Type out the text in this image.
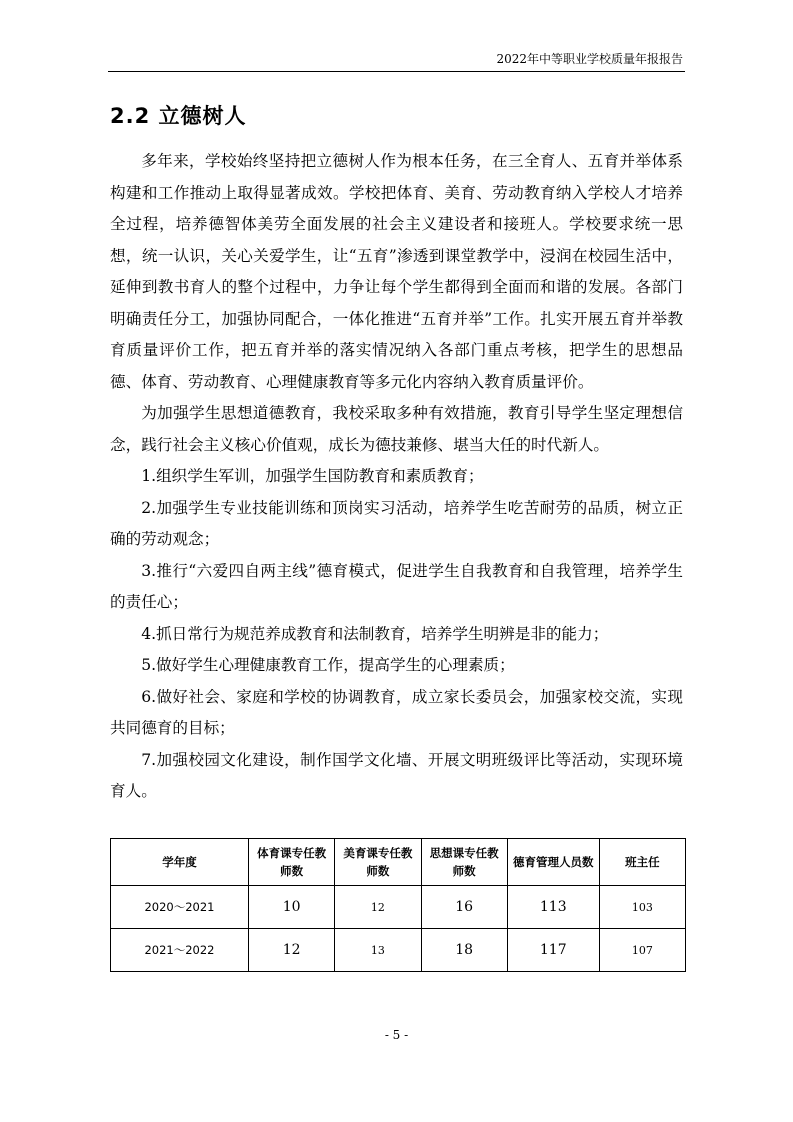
2022年中等职业学校质量年报报告
2.2 立德树人

多年来，学校始终坚持把立德树人作为根本任务，在三全育人、五育并举体系构建和工作推动上取得显著成效。学校把体育、美育、劳动教育纳入学校人才培养全过程，培养德智体美劳全面发展的社会主义建设者和接班人。学校要求统一思想，统一认识，关心关爱学生，让“五育”渗透到课堂教学中，浸润在校园生活中，延伸到教书育人的整个过程中，力争让每个学生都得到全面而和谐的发展。各部门明确责任分工，加强协同配合，一体化推进“五育并举”工作。扎实开展五育并举教育质量评价工作，把五育并举的落实情况纳入各部门重点考核，把学生的思想品德、体育、劳动教育、心理健康教育等多元化内容纳入教育质量评价。

为加强学生思想道德教育，我校采取多种有效措施，教育引导学生坚定理想信念，践行社会主义核心价值观，成长为德技兼修、堪当大任的时代新人。

1.组织学生军训，加强学生国防教育和素质教育；

2.加强学生专业技能训练和顶岗实习活动，培养学生吃苦耐劳的品质，树立正确的劳动观念；

3.推行“六爱四自两主线”德育模式，促进学生自我教育和自我管理，培养学生的责任心；

4.抓日常行为规范养成教育和法制教育，培养学生明辨是非的能力；

5.做好学生心理健康教育工作，提高学生的心理素质；

6.做好社会、家庭和学校的协调教育，成立家长委员会，加强家校交流，实现共同德育的目标；

7.加强校园文化建设，制作国学文化墙、开展文明班级评比等活动，实现环境育人。

学年度	体育课专任教师数	美育课专任教师数	思想课专任教师数	德育管理人员数	班主任
2020～2021	10	12	16	113	103
2021～2022	12	13	18	117	107
- 5 -
